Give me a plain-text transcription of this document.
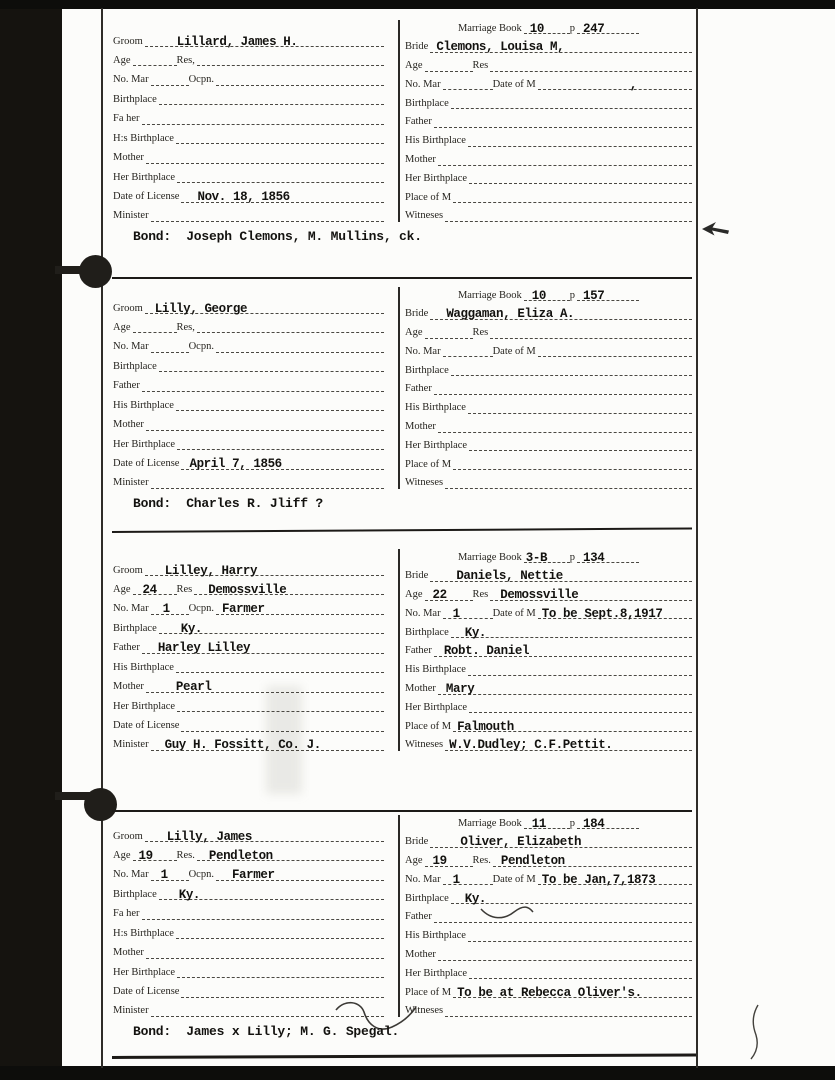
Groom	Lillard, James H.
Age	Res,
No. Mar	Ocpn.
Birthplace
Fa her
H:s Birthplace
Mother
Her Birthplace
Date of License Nov. 18, 1856
Minister
Marriage Book 10 p 247
Bride Clemons, Louisa M,
Age	Res
No. Mar	Date of M	,
Birthplace
Father
His Birthplace
Mother
Her Birthplace
Place of M
Witneses
Bond:  Joseph Clemons, M. Mullins, ck.
Groom Lilly, George
Age	Res,
No. Mar	Ocpn.
Birthplace
Father
His Birthplace
Mother
Her Birthplace
Date of License April 7, 1856
Minister
Marriage Book 10 p 157
Bride Waggaman, Eliza A.
Age	Res
No. Mar	Date of M
Birthplace
Father
His Birthplace
Mother
Her Birthplace
Place of M
Witneses
Bond:  Charles R. Jliff ?
Groom Lilley, Harry
Age 24 Res Demossville
No. Mar 1 Ocpn. Farmer
Birthplace Ky.
Father Harley Lilley
His Birthplace
Mother	Pearl
Her Birthplace
Date of License
Minister Guy H. Fossitt, Co. J.
Marriage Book 3-B p 134
Bride Daniels, Nettie
Age 22 Res Demossville
No. Mar 1	Date of M To be Sept.8,1917
Birthplace Ky.
Father Robt. Daniel
His Birthplace
Mother Mary
Her Birthplace
Place of M Falmouth
Witneses W.V.Dudley; C.F.Pettit.
Groom Lilly, James
Age 19 Res. Pendleton
No. Mar 1 Ocpn. Farmer
Birthplace Ky.
Fa her
H:s Birthplace
Mother
Her Birthplace
Date of License
Minister
Marriage Book 11 p 184
Bride	Oliver, Elizabeth
Age 19 Res. Pendleton
No. Mar 1	Date of M To be Jan,7,1873
Birthplace Ky.
Father
His Birthplace
Mother
Her Birthplace
Place of M To be at Rebecca Oliver's.
Witneses
Bond:  James x Lilly; M. G. Spegal.
